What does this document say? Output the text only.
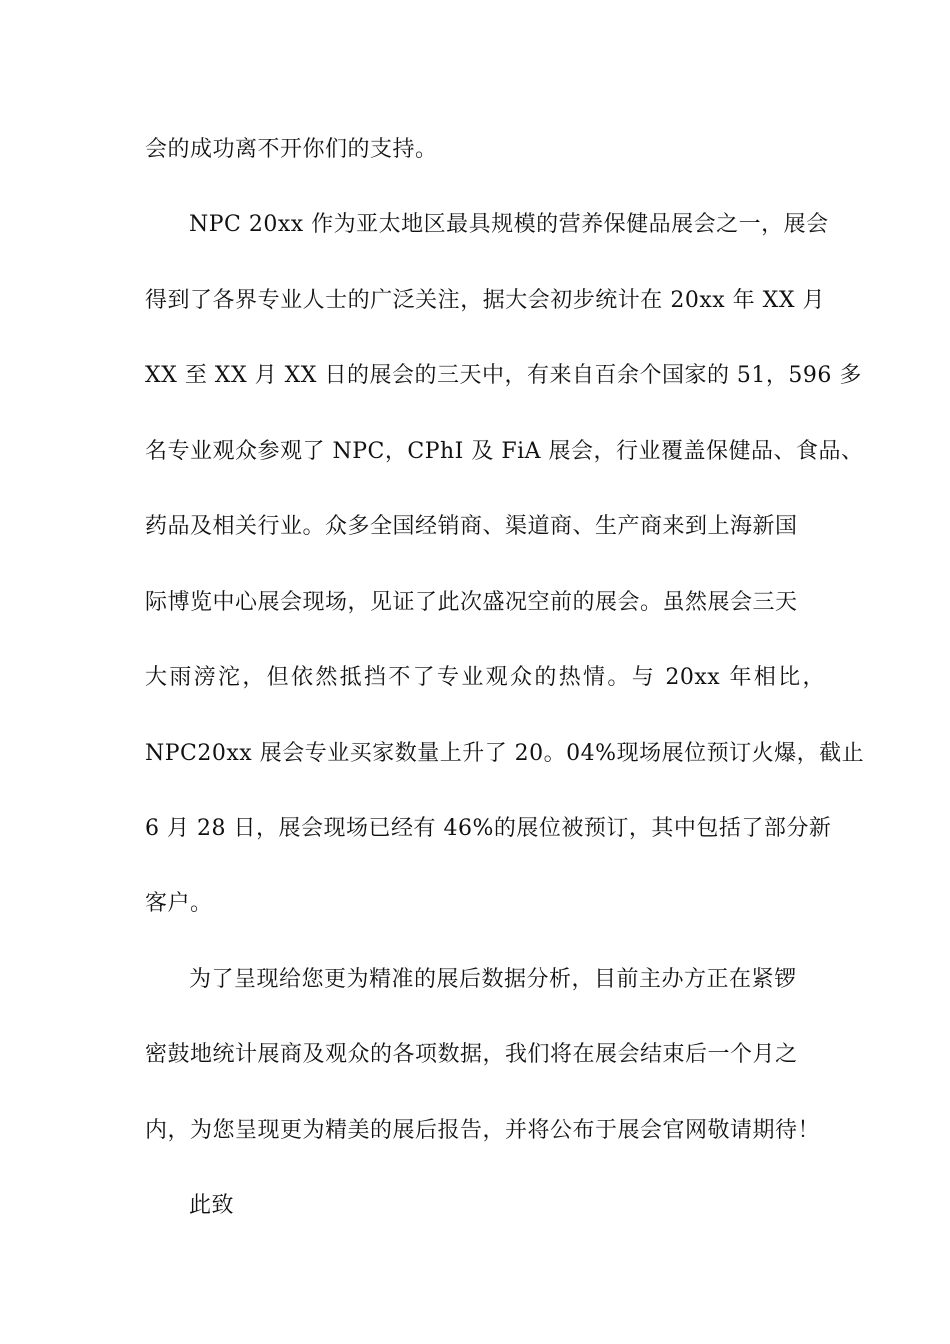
会的成功离不开你们的支持。
NPC 20xx 作为亚太地区最具规模的营养保健品展会之一，展会
得到了各界专业人士的广泛关注，据大会初步统计在 20xx 年 XX 月
XX 至 XX 月 XX 日的展会的三天中，有来自百余个国家的 51，596 多
名专业观众参观了 NPC，CPhI 及 FiA 展会，行业覆盖保健品、食品、
药品及相关行业。众多全国经销商、渠道商、生产商来到上海新国
际博览中心展会现场，见证了此次盛况空前的展会。虽然展会三天
大雨滂沱，但依然抵挡不了专业观众的热情。与 20xx 年相比，
NPC20xx 展会专业买家数量上升了 20。04%现场展位预订火爆，截止
6 月 28 日，展会现场已经有 46%的展位被预订，其中包括了部分新
客户。
为了呈现给您更为精准的展后数据分析，目前主办方正在紧锣
密鼓地统计展商及观众的各项数据，我们将在展会结束后一个月之
内，为您呈现更为精美的展后报告，并将公布于展会官网敬请期待！
此致
